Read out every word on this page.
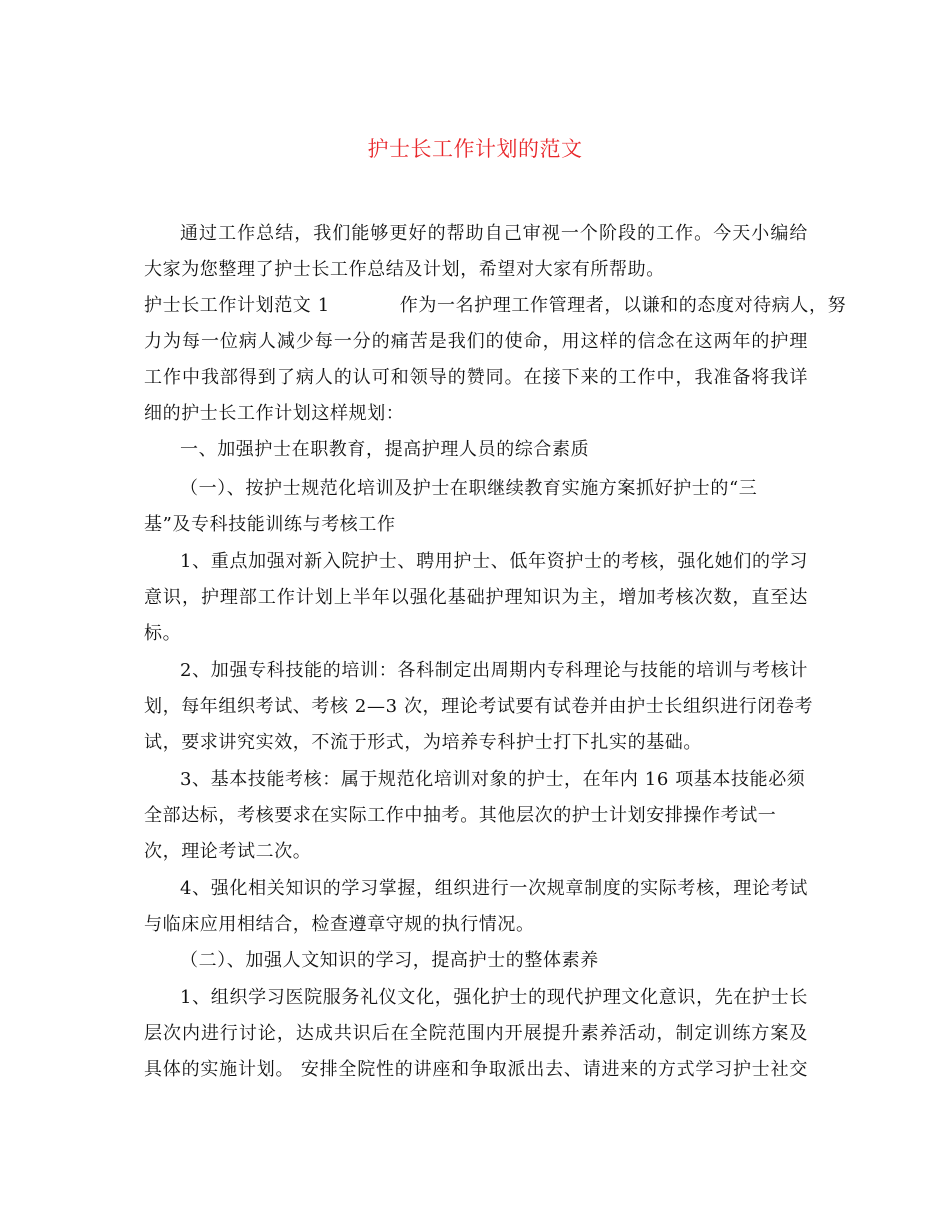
护士长工作计划的范文
通过工作总结，我们能够更好的帮助自己审视一个阶段的工作。今天小编给
大家为您整理了护士长工作总结及计划，希望对大家有所帮助。
护士长工作计划范文 1	作为一名护理工作管理者，以谦和的态度对待病人，努
力为每一位病人减少每一分的痛苦是我们的使命，用这样的信念在这两年的护理
工作中我部得到了病人的认可和领导的赞同。在接下来的工作中，我准备将我详
细的护士长工作计划这样规划：
一、加强护士在职教育，提高护理人员的综合素质
（一）、按护士规范化培训及护士在职继续教育实施方案抓好护士的“三
基”及专科技能训练与考核工作
1、重点加强对新入院护士、聘用护士、低年资护士的考核，强化她们的学习
意识，护理部工作计划上半年以强化基础护理知识为主，增加考核次数，直至达
标。
2、加强专科技能的培训：各科制定出周期内专科理论与技能的培训与考核计
划，每年组织考试、考核 2—3 次，理论考试要有试卷并由护士长组织进行闭卷考
试，要求讲究实效，不流于形式，为培养专科护士打下扎实的基础。
3、基本技能考核：属于规范化培训对象的护士，在年内 16 项基本技能必须
全部达标，考核要求在实际工作中抽考。其他层次的护士计划安排操作考试一
次，理论考试二次。
4、强化相关知识的学习掌握，组织进行一次规章制度的实际考核，理论考试
与临床应用相结合，检查遵章守规的执行情况。
（二）、加强人文知识的学习，提高护士的整体素养
1、组织学习医院服务礼仪文化，强化护士的现代护理文化意识，先在护士长
层次内进行讨论，达成共识后在全院范围内开展提升素养活动，制定训练方案及
具体的实施计划。 安排全院性的讲座和争取派出去、请进来的方式学习护士社交
